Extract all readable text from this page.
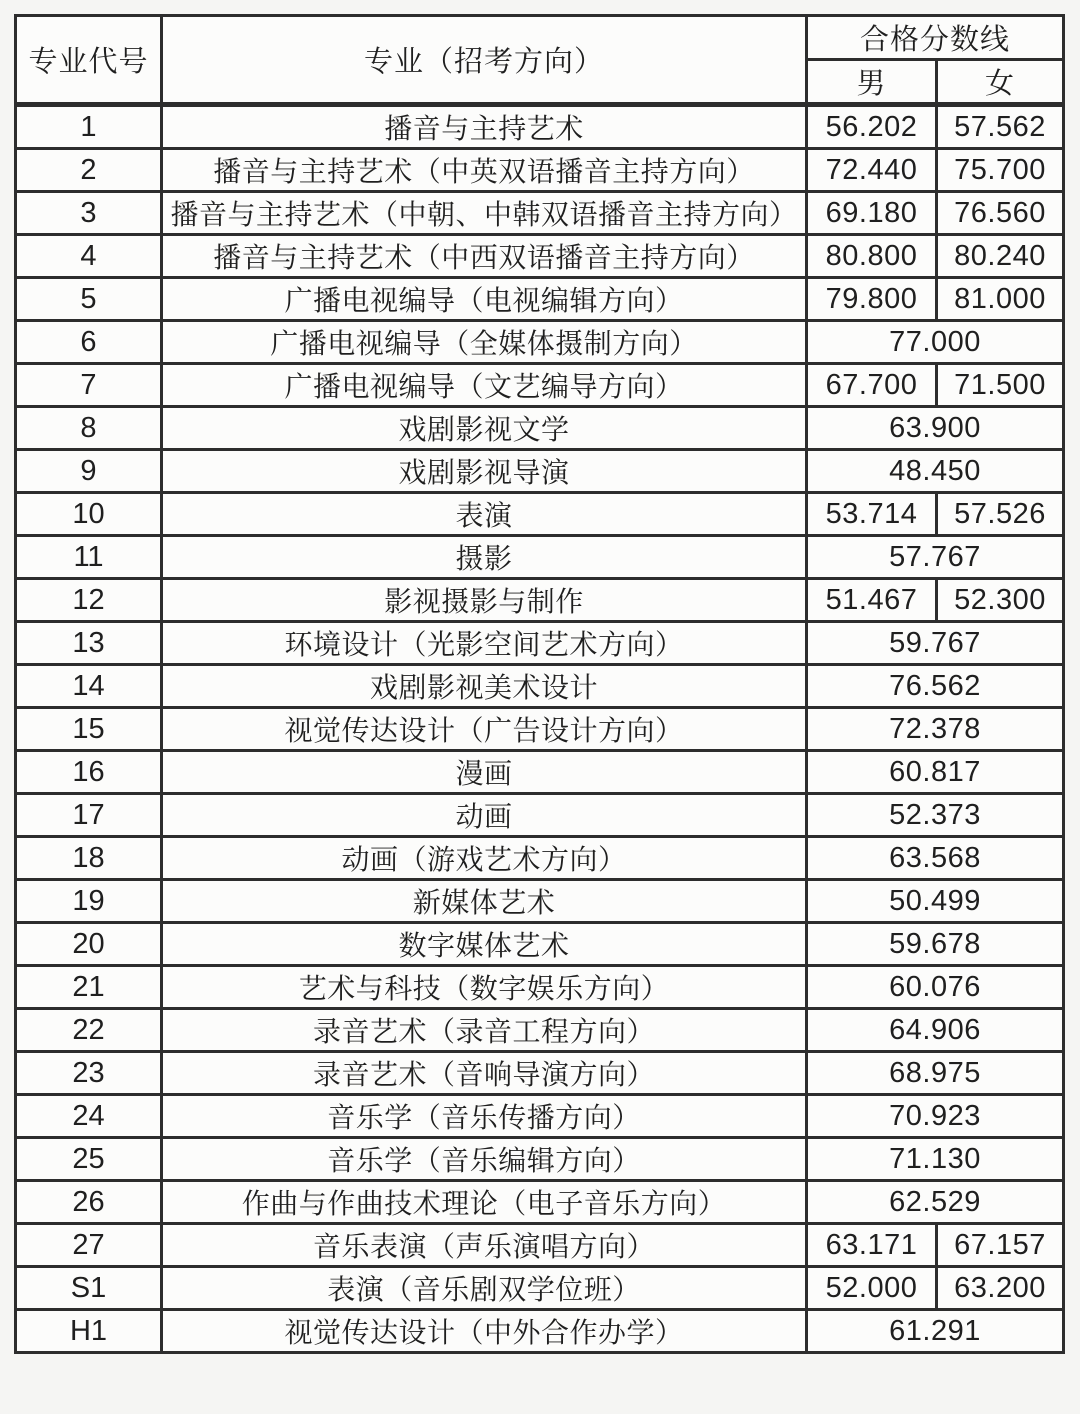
专业代号	专业（招考方向）	合格分数线	
		男	女
1	播音与主持艺术	56.202	57.562
2	播音与主持艺术（中英双语播音主持方向）	72.440	75.700
3	播音与主持艺术（中朝、中韩双语播音主持方向）	69.180	76.560
4	播音与主持艺术（中西双语播音主持方向）	80.800	80.240
5	广播电视编导（电视编辑方向）	79.800	81.000
6	广播电视编导（全媒体摄制方向）	77.000	
7	广播电视编导（文艺编导方向）	67.700	71.500
8	戏剧影视文学	63.900	
9	戏剧影视导演	48.450	
10	表演	53.714	57.526
11	摄影	57.767	
12	影视摄影与制作	51.467	52.300
13	环境设计（光影空间艺术方向）	59.767	
14	戏剧影视美术设计	76.562	
15	视觉传达设计（广告设计方向）	72.378	
16	漫画	60.817	
17	动画	52.373	
18	动画（游戏艺术方向）	63.568	
19	新媒体艺术	50.499	
20	数字媒体艺术	59.678	
21	艺术与科技（数字娱乐方向）	60.076	
22	录音艺术（录音工程方向）	64.906	
23	录音艺术（音响导演方向）	68.975	
24	音乐学（音乐传播方向）	70.923	
25	音乐学（音乐编辑方向）	71.130	
26	作曲与作曲技术理论（电子音乐方向）	62.529	
27	音乐表演（声乐演唱方向）	63.171	67.157
S1	表演（音乐剧双学位班）	52.000	63.200
H1	视觉传达设计（中外合作办学）	61.291	
